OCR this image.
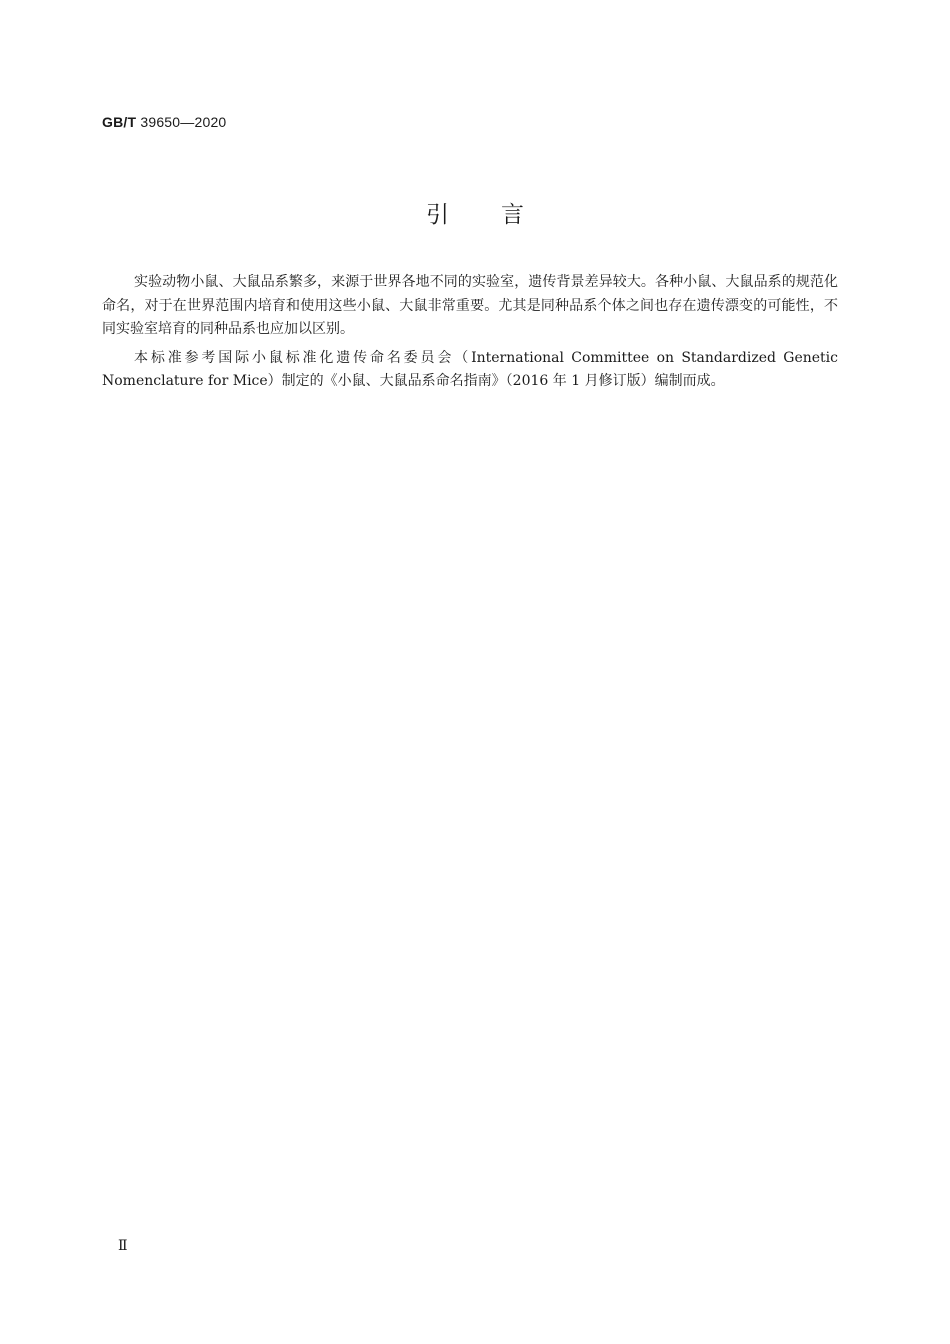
GB/T 39650—2020
引 言

实验动物小鼠、大鼠品系繁多，来源于世界各地不同的实验室，遗传背景差异较大。各种小鼠、大鼠品系的规范化命名，对于在世界范围内培育和使用这些小鼠、大鼠非常重要。尤其是同种品系个体之间也存在遗传漂变的可能性，不同实验室培育的同种品系也应加以区别。

本标准参考国际小鼠标准化遗传命名委员会（International Committee on Standardized Genetic Nomenclature for Mice）制定的《小鼠、大鼠品系命名指南》（2016 年 1 月修订版）编制而成。

Ⅱ
